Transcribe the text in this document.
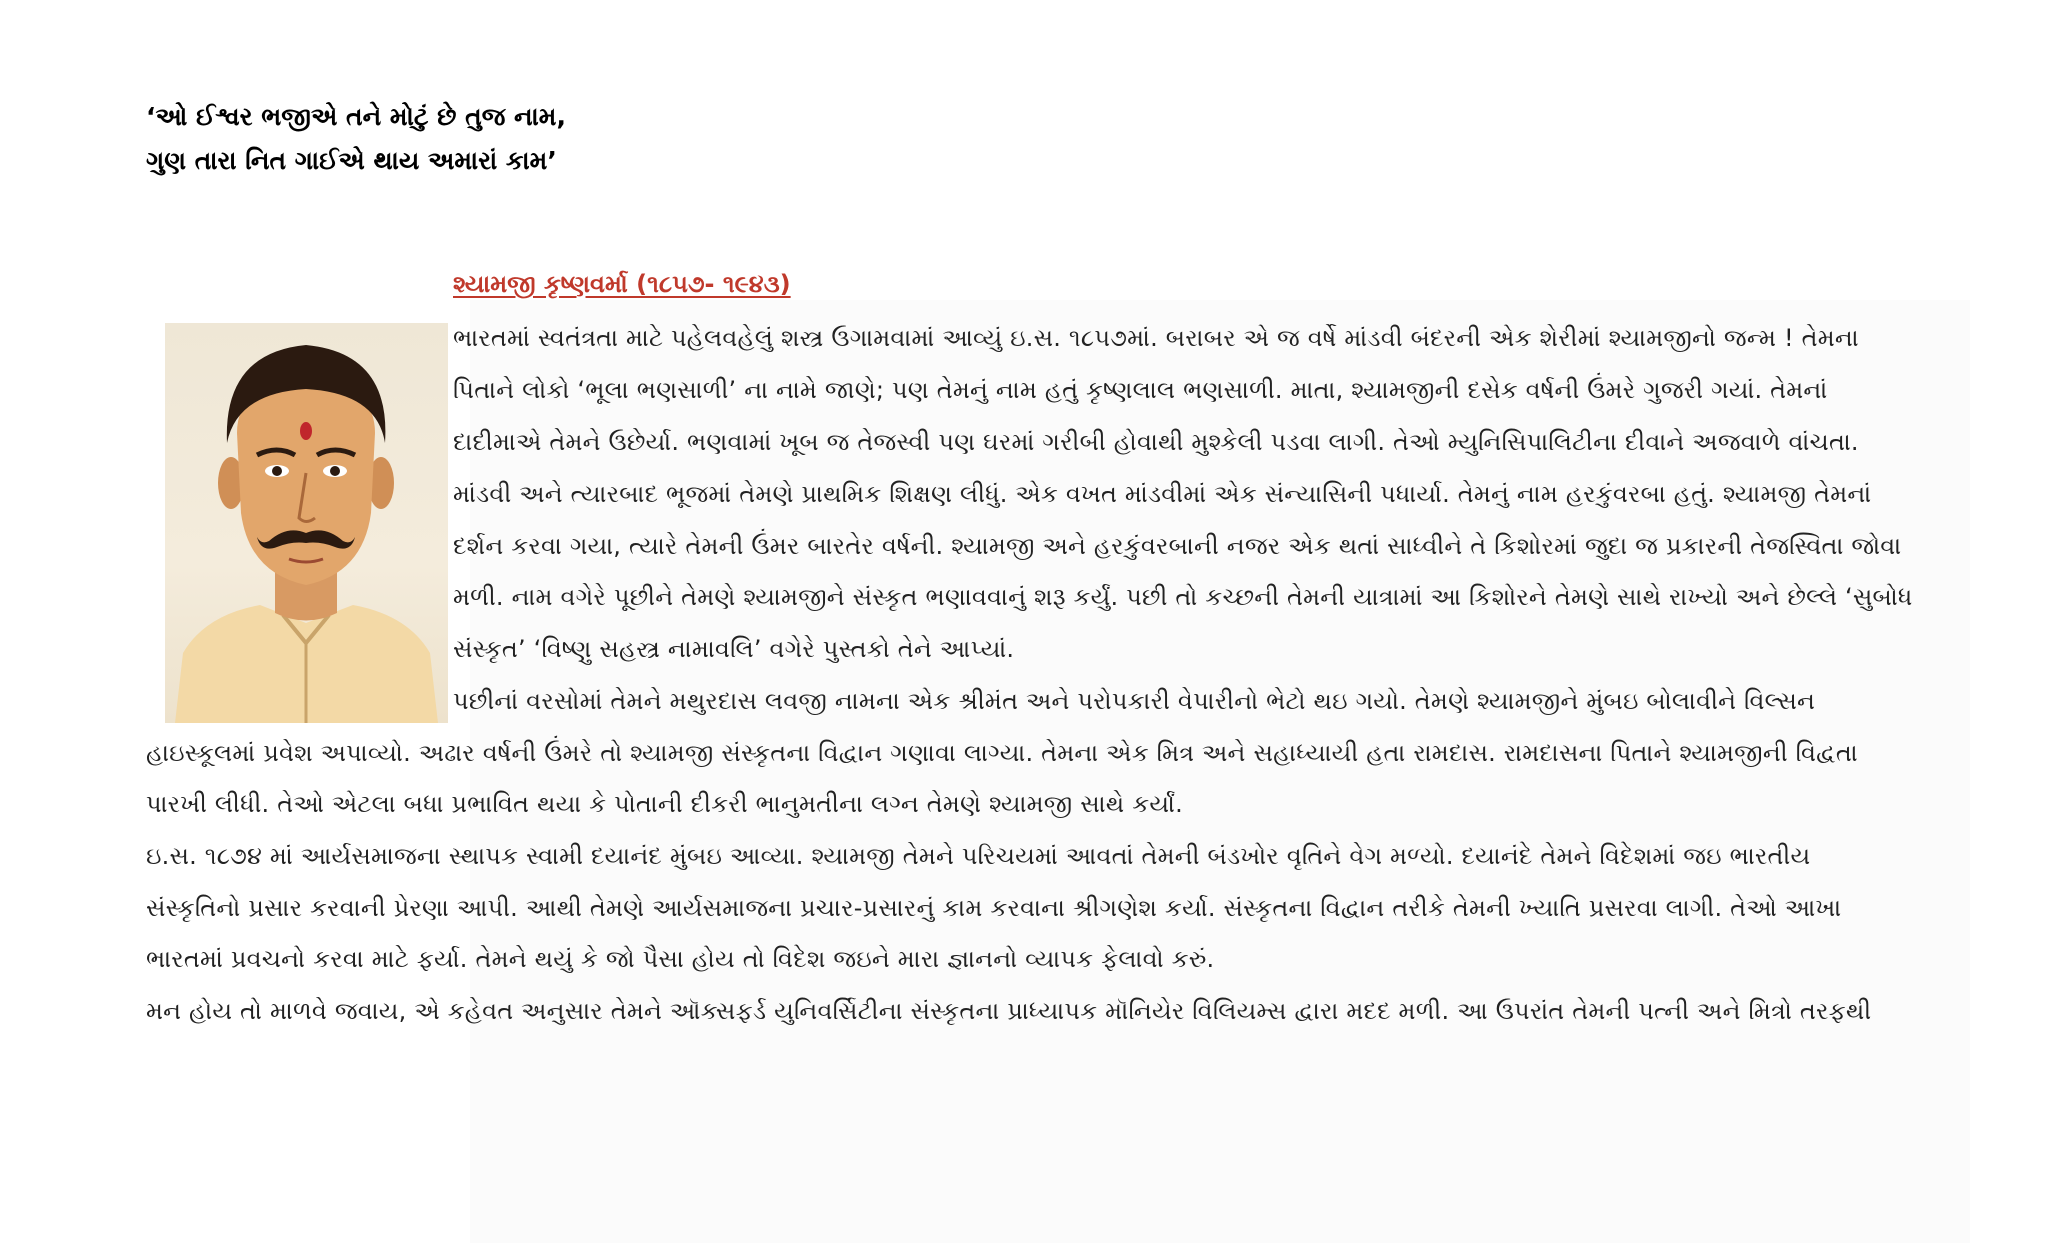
‘ઓ ઈશ્વર ભજીએ તને મોટું છે તુજ નામ,
ગુણ તારા નિત ગાઈએ થાય અમારાં કામ’
શ્યામજી કૃષ્ણવર્મા (૧૮૫૭- ૧૯૪૩)
ભારતમાં સ્વતંત્રતા માટે પહેલવહેલું શસ્ત્ર ઉગામવામાં આવ્યું ઇ.સ. ૧૮૫૭માં. બરાબર એ જ વર્ષે માંડવી બંદરની એક શેરીમાં શ્યામજીનો જન્મ ! તેમના
પિતાને લોકો ‘ભૂલા ભણસાળી’ ના નામે જાણે; પણ તેમનું નામ હતું કૃષ્ણલાલ ભણસાળી. માતા, શ્યામજીની દસેક વર્ષની ઉંમરે ગુજરી ગયાં. તેમનાં
દાદીમાએ તેમને ઉછેર્યા. ભણવામાં ખૂબ જ તેજસ્વી પણ ઘરમાં ગરીબી હોવાથી મુશ્કેલી પડવા લાગી. તેઓ મ્યુનિસિપાલિટીના દીવાને અજવાળે વાંચતા.
માંડવી અને ત્યારબાદ ભૂજમાં તેમણે પ્રાથમિક શિક્ષણ લીધું. એક વખત માંડવીમાં એક સંન્યાસિની પધાર્યા. તેમનું નામ હરકુંવરબા હતું. શ્યામજી તેમનાં
દર્શન કરવા ગયા, ત્યારે તેમની ઉંમર બારતેર વર્ષની. શ્યામજી અને હરકુંવરબાની નજર એક થતાં સાધ્વીને તે કિશોરમાં જુદા જ પ્રકારની તેજસ્વિતા જોવા
મળી. નામ વગેરે પૂછીને તેમણે શ્યામજીને સંસ્કૃત ભણાવવાનું શરૂ કર્યું. પછી તો કચ્છની તેમની યાત્રામાં આ કિશોરને તેમણે સાથે રાખ્યો અને છેલ્લે ‘સુબોધ
સંસ્કૃત’ ‘વિષ્ણુ સહસ્ત્ર નામાવલિ’ વગેરે પુસ્તકો તેને આપ્યાં.
પછીનાં વરસોમાં તેમને મથુરદાસ લવજી નામના એક શ્રીમંત અને પરોપકારી વેપારીનો ભેટો થઇ ગયો. તેમણે શ્યામજીને મુંબઇ બોલાવીને વિલ્સન
હાઇસ્કૂલમાં પ્રવેશ અપાવ્યો. અઢાર વર્ષની ઉંમરે તો શ્યામજી સંસ્કૃતના વિદ્વાન ગણાવા લાગ્યા. તેમના એક મિત્ર અને સહાધ્યાયી હતા રામદાસ. રામદાસના પિતાને શ્યામજીની વિદ્વતા
પારખી લીધી. તેઓ એટલા બધા પ્રભાવિત થયા કે પોતાની દીકરી ભાનુમતીના લગ્ન તેમણે શ્યામજી સાથે કર્યાં.
ઇ.સ. ૧૮૭૪ માં આર્યસમાજના સ્થાપક સ્વામી દયાનંદ મુંબઇ આવ્યા. શ્યામજી તેમને પરિચયમાં આવતાં તેમની બંડખોર વૃતિને વેગ મળ્યો. દયાનંદે તેમને વિદેશમાં જઇ ભારતીય
સંસ્કૃતિનો પ્રસાર કરવાની પ્રેરણા આપી. આથી તેમણે આર્યસમાજના પ્રચાર-પ્રસારનું કામ કરવાના શ્રીગણેશ કર્યા. સંસ્કૃતના વિદ્વાન તરીકે તેમની ખ્યાતિ પ્રસરવા લાગી. તેઓ આખા
ભારતમાં પ્રવચનો કરવા માટે ફર્યા. તેમને થયું કે જો પૈસા હોય તો વિદેશ જઇને મારા જ્ઞાનનો વ્યાપક ફેલાવો કરું.
મન હોય તો માળવે જવાય, એ કહેવત અનુસાર તેમને ઑક્સફર્ડ યુનિવર્સિટીના સંસ્કૃતના પ્રાધ્યાપક મૉનિયેર વિલિયમ્સ દ્વારા મદદ મળી. આ ઉપરાંત તેમની પત્ની અને મિત્રો તરફથી
